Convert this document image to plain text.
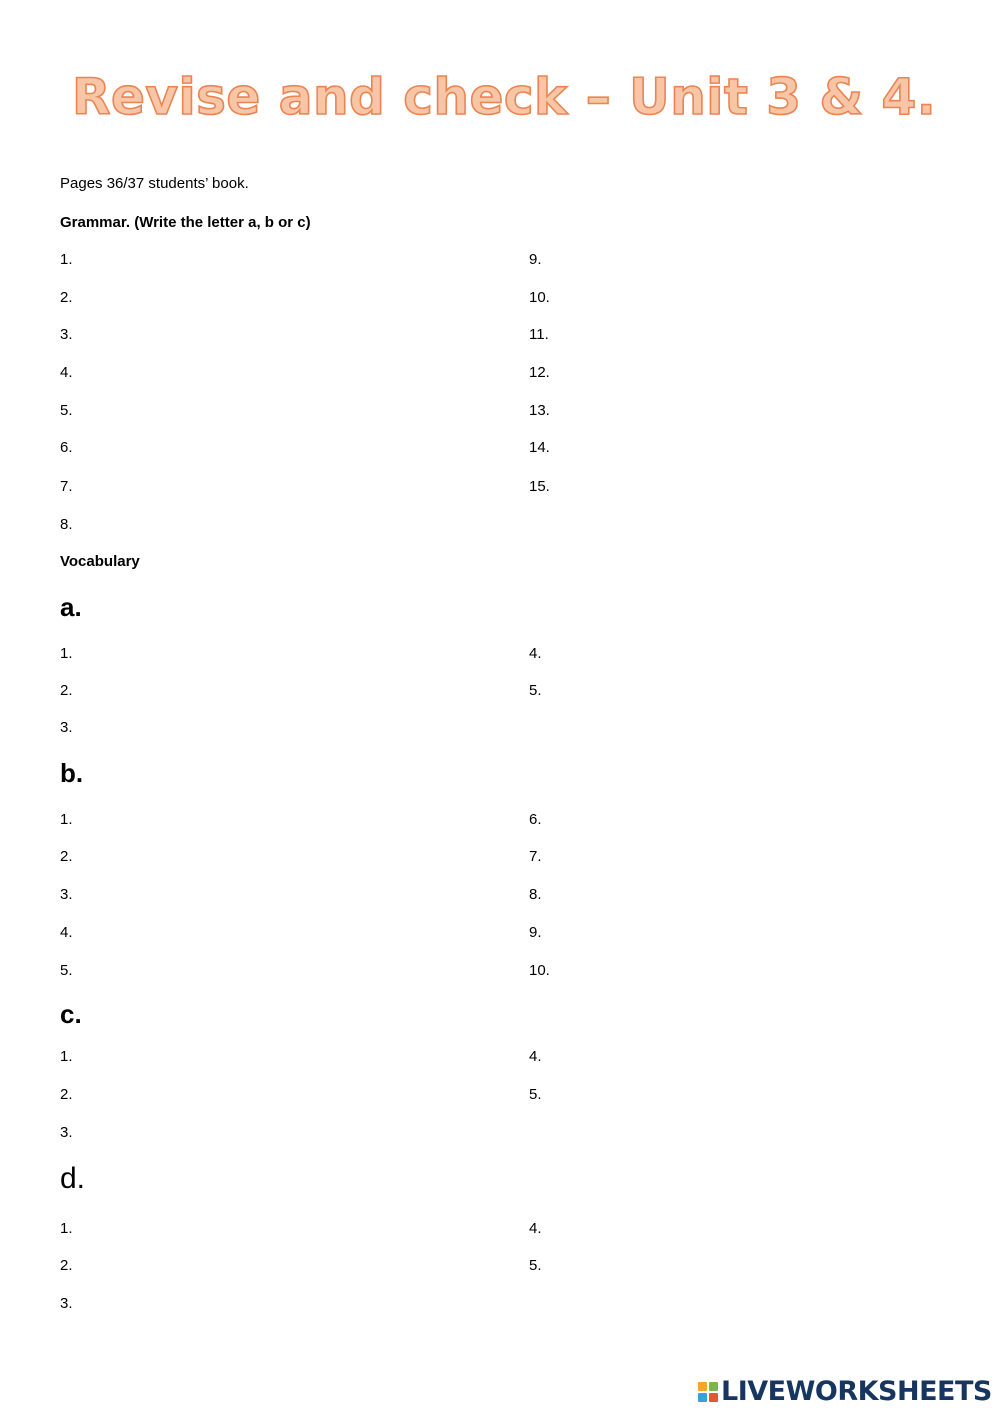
Revise and check – Unit 3 & 4.
Pages 36/37 students’ book.
Grammar. (Write the letter a, b or c)
1.
2.
3.
4.
5.
6.
7.
8.
9.
10.
11.
12.
13.
14.
15.
Vocabulary
a.
1.
2.
3.
4.
5.
b.
1.
2.
3.
4.
5.
6.
7.
8.
9.
10.
c.
1.
2.
3.
4.
5.
d.
1.
2.
3.
4.
5.
LIVEWORKSHEETS
